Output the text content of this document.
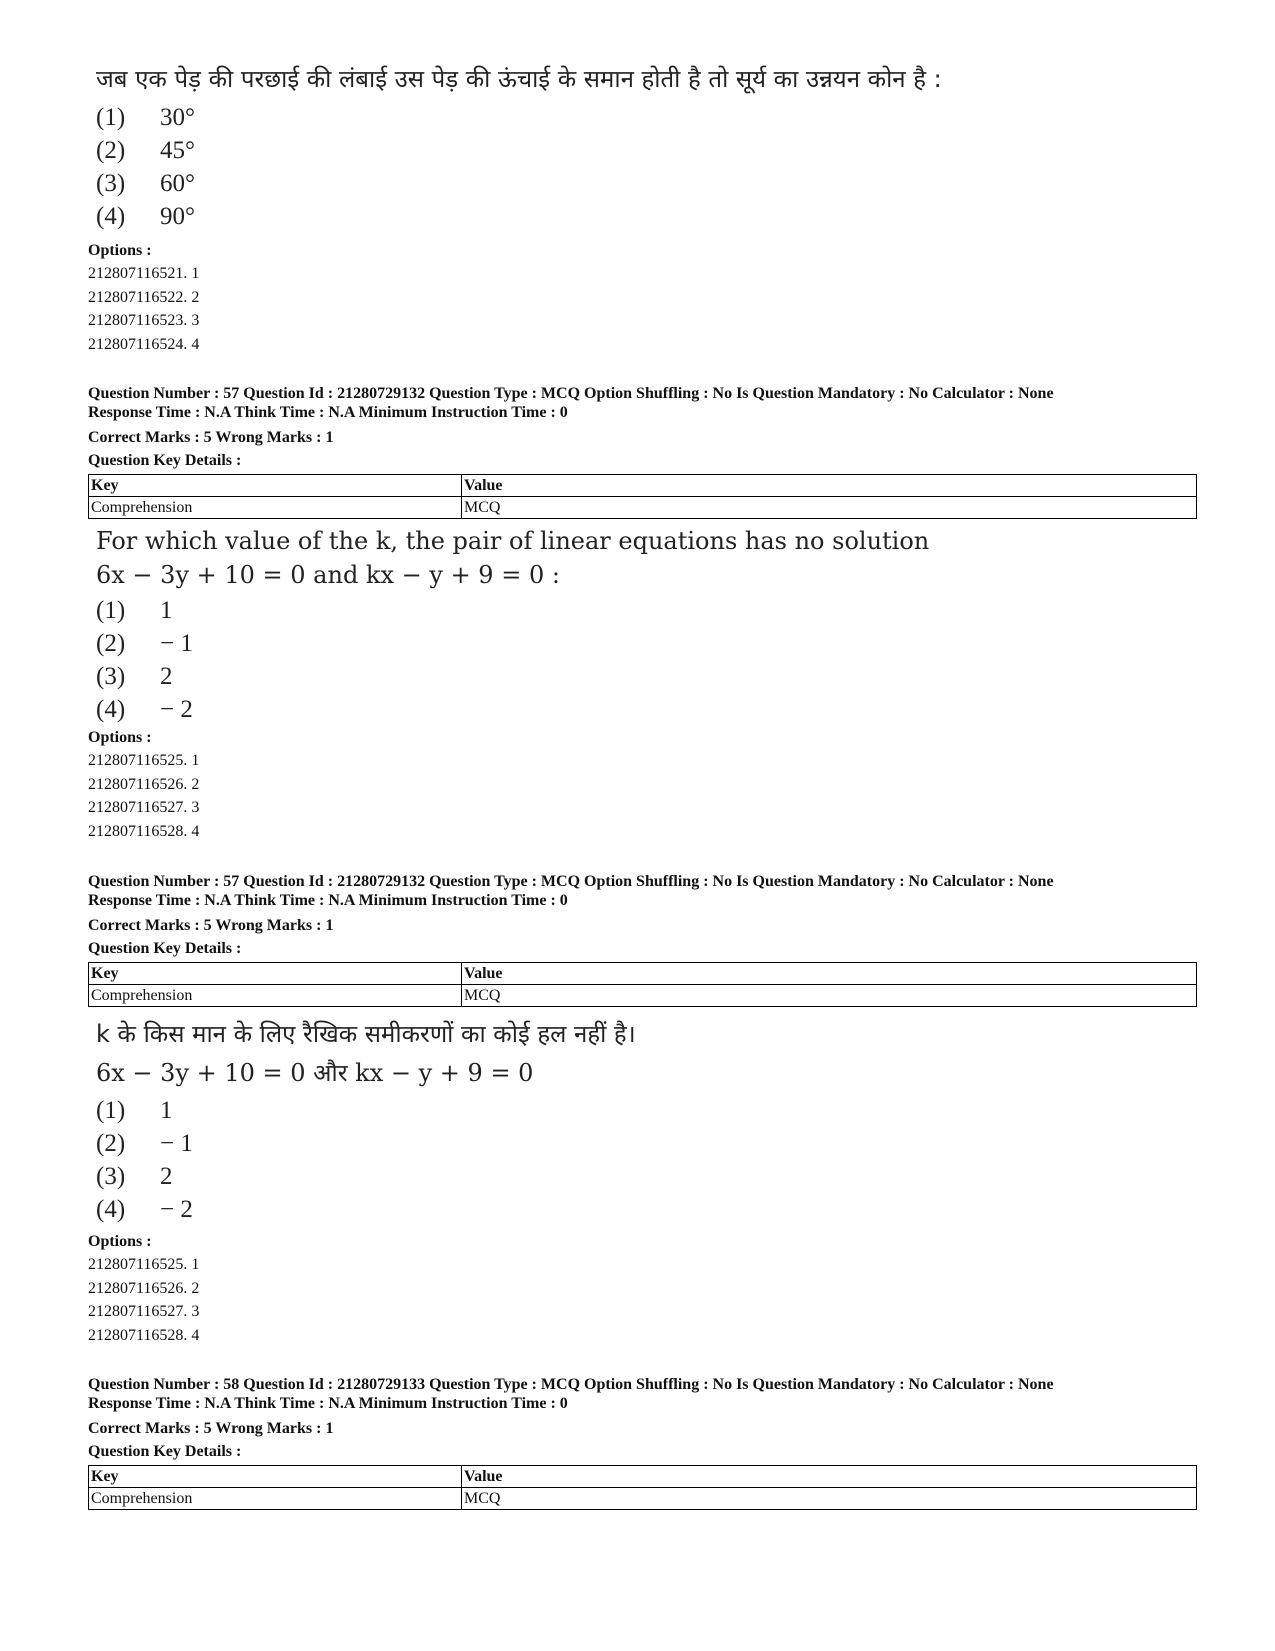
जब एक पेड़ की परछाई की लंबाई उस पेड़ की ऊंचाई के समान होती है तो सूर्य का उन्नयन कोन है :
(1)	30°
(2)	45°
(3)	60°
(4)	90°
Options :
212807116521. 1
212807116522. 2
212807116523. 3
212807116524. 4
Question Number : 57 Question Id : 21280729132 Question Type : MCQ Option Shuffling : No Is Question Mandatory : No Calculator : None
Response Time : N.A Think Time : N.A Minimum Instruction Time : 0
Correct Marks : 5 Wrong Marks : 1
Question Key Details :
Key	Value
Comprehension	MCQ
For which value of the k, the pair of linear equations has no solution
6x − 3y + 10 = 0 and kx − y + 9 = 0 :
(1)	1
(2)	− 1
(3)	2
(4)	− 2
Options :
212807116525. 1
212807116526. 2
212807116527. 3
212807116528. 4
Question Number : 57 Question Id : 21280729132 Question Type : MCQ Option Shuffling : No Is Question Mandatory : No Calculator : None
Response Time : N.A Think Time : N.A Minimum Instruction Time : 0
Correct Marks : 5 Wrong Marks : 1
Question Key Details :
Key	Value
Comprehension	MCQ
k के किस मान के लिए रैखिक समीकरणों का कोई हल नहीं है।
6x − 3y + 10 = 0 और kx − y + 9 = 0
(1)	1
(2)	− 1
(3)	2
(4)	− 2
Options :
212807116525. 1
212807116526. 2
212807116527. 3
212807116528. 4
Question Number : 58 Question Id : 21280729133 Question Type : MCQ Option Shuffling : No Is Question Mandatory : No Calculator : None
Response Time : N.A Think Time : N.A Minimum Instruction Time : 0
Correct Marks : 5 Wrong Marks : 1
Question Key Details :
Key	Value
Comprehension	MCQ
